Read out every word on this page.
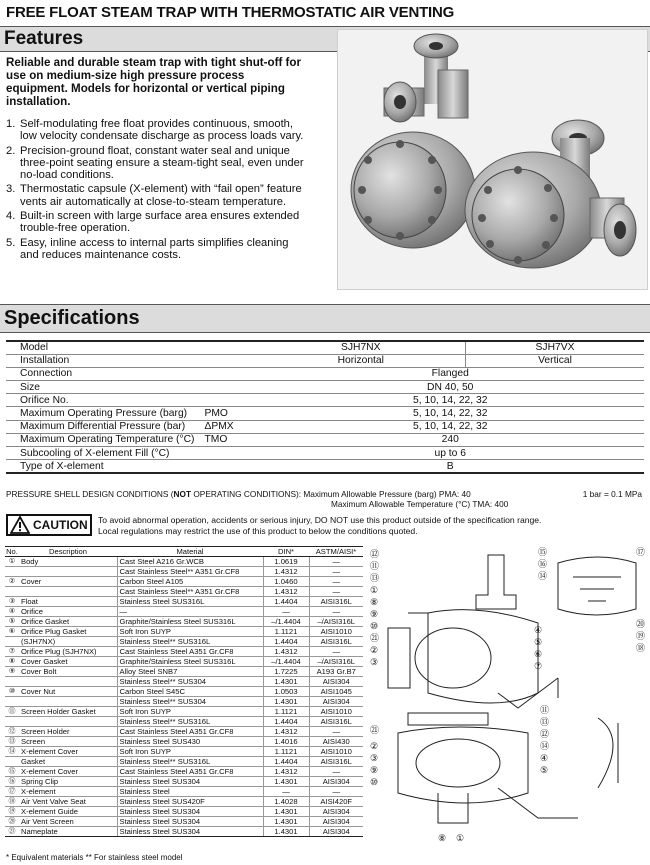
FREE FLOAT STEAM TRAP WITH THERMOSTATIC AIR VENTING
Features

Reliable and durable steam trap with tight shut-off for use on medium-size high pressure process equipment. Models for horizontal or vertical piping installation.

1. Self-modulating free float provides continuous, smooth, low velocity condensate discharge as process loads vary.
2. Precision-ground float, constant water seal and unique three-point seating ensure a steam-tight seal, even under no-load conditions.
3. Thermostatic capsule (X-element) with “fail open” feature vents air automatically at close-to-steam temperature.
4. Built-in screen with large surface area ensures extended trouble-free operation.
5. Easy, inline access to internal parts simplifies cleaning and reduces maintenance costs.
Specifications
Model		SJH7NX	SJH7VX
Installation		Horizontal	Vertical
Connection		Flanged	
Size		DN 40, 50	
Orifice No.		5, 10, 14, 22, 32	
Maximum Operating Pressure (barg)	PMO	5, 10, 14, 22, 32	
Maximum Differential Pressure (bar)	ΔPMX	5, 10, 14, 22, 32	
Maximum Operating Temperature (°C)	TMO	240	
Subcooling of X-element Fill (°C)		up to 6	
Type of X-element		B	
PRESSURE SHELL DESIGN CONDITIONS (NOT OPERATING CONDITIONS): Maximum Allowable Pressure (barg) PMA: 40
Maximum Allowable Temperature (°C) TMA: 400
1 bar = 0.1 MPa
CAUTION To avoid abnormal operation, accidents or serious injury, DO NOT use this product outside of the specification range.
Local regulations may restrict the use of this product to below the conditions quoted.
No.	Description	Material	DIN*	ASTM/AISI*
①	Body	Cast Steel A216 Gr.WCB	1.0619	—
		Cast Stainless Steel** A351 Gr.CF8	1.4312	—
②	Cover	Carbon Steel A105	1.0460	—
		Cast Stainless Steel** A351 Gr.CF8	1.4312	—
③	Float	Stainless Steel SUS316L	1.4404	AISI316L
④	Orifice	—	—	—
⑤	Orifice Gasket	Graphite/Stainless Steel SUS316L	–/1.4404	–/AISI316L
⑥	Orifice Plug Gasket	Soft Iron SUYP	1.1121	AISI1010
	(SJH7NX)	Stainless Steel** SUS316L	1.4404	AISI316L
⑦	Orifice Plug (SJH7NX)	Cast Stainless Steel A351 Gr.CF8	1.4312	—
⑧	Cover Gasket	Graphite/Stainless Steel SUS316L	–/1.4404	–/AISI316L
⑨	Cover Bolt	Alloy Steel SNB7	1.7225	A193 Gr.B7
		Stainless Steel** SUS304	1.4301	AISI304
⑩	Cover Nut	Carbon Steel S45C	1.0503	AISI1045
		Stainless Steel** SUS304	1.4301	AISI304
⑪	Screen Holder Gasket	Soft Iron SUYP	1.1121	AISI1010
		Stainless Steel** SUS316L	1.4404	AISI316L
⑫	Screen Holder	Cast Stainless Steel A351 Gr.CF8	1.4312	—
⑬	Screen	Stainless Steel SUS430	1.4016	AISI430
⑭	X-element Cover	Soft Iron SUYP	1.1121	AISI1010
	Gasket	Stainless Steel** SUS316L	1.4404	AISI316L
⑮	X-element Cover	Cast Stainless Steel A351 Gr.CF8	1.4312	—
⑯	Spring Clip	Stainless Steel SUS304	1.4301	AISI304
⑰	X-element	Stainless Steel	—	—
⑱	Air Vent Valve Seat	Stainless Steel SUS420F	1.4028	AISI420F
⑲	X-element Guide	Stainless Steel SUS304	1.4301	AISI304
⑳	Air Vent Screen	Stainless Steel SUS304	1.4301	AISI304
㉑	Nameplate	Stainless Steel SUS304	1.4301	AISI304
* Equivalent materials ** For stainless steel model
⑫
⑪
⑬
①
⑧
⑨
⑩
㉑
②
③
④
⑤
⑥
⑦
⑮
⑯
⑭
⑰
⑳
⑲
⑱
⑪
⑬
⑫
⑭
④
⑤
㉑
②
③
⑨
⑩
⑧ ①
